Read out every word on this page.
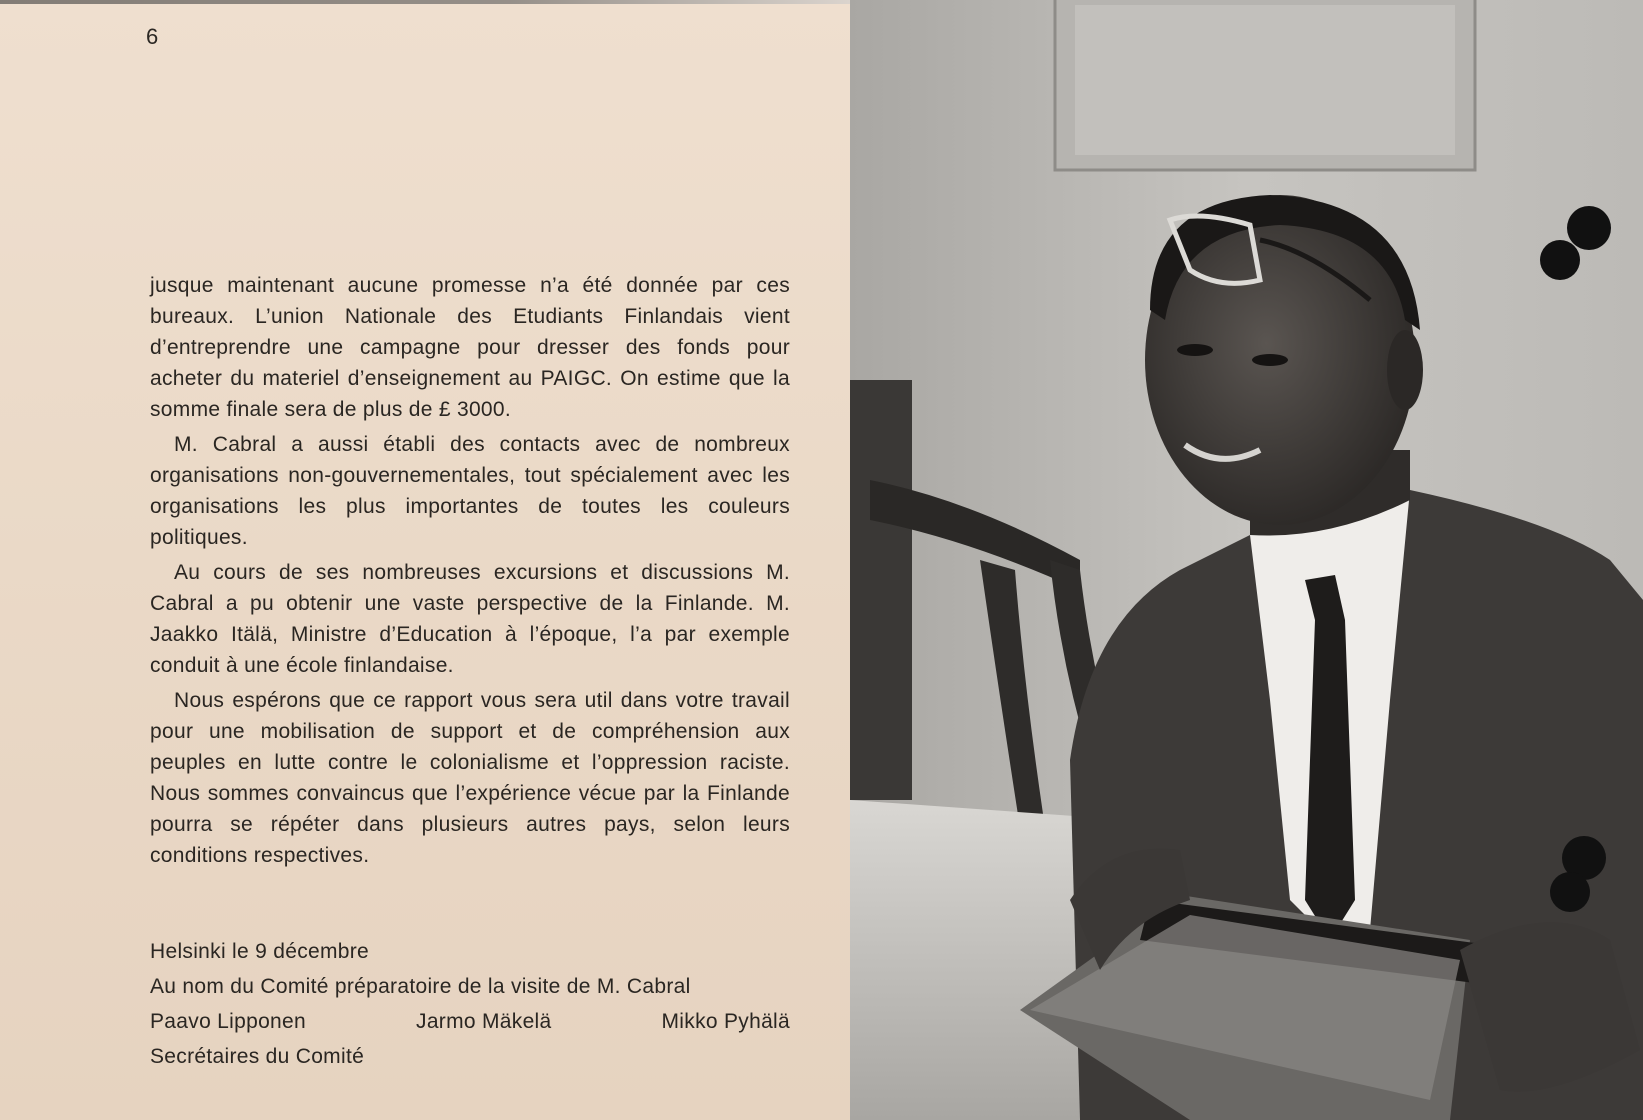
6

jusque maintenant aucune promesse n’a été donnée par ces bureaux. L’union Nationale des Etudiants Finlandais vient d’entreprendre une campagne pour dresser des fonds pour acheter du materiel d’enseignement au PAIGC. On estime que la somme finale sera de plus de £ 3000.

M. Cabral a aussi établi des contacts avec de nombreux organisations non-gouvernementales, tout spécialement avec les organisations les plus importantes de toutes les couleurs politiques.

Au cours de ses nombreuses excursions et discussions M. Cabral a pu obtenir une vaste perspective de la Finlande. M. Jaakko Itälä, Ministre d’Education à l’époque, l’a par exemple conduit à une école finlandaise.

Nous espérons que ce rapport vous sera util dans votre travail pour une mobilisation de support et de compréhension aux peuples en lutte contre le colonialisme et l’oppression raciste. Nous sommes convaincus que l’expérience vécue par la Finlande pourra se répéter dans plusieurs autres pays, selon leurs conditions respectives.

Helsinki le 9 décembre
Au nom du Comité préparatoire de la visite de M. Cabral
Paavo Lipponen	Jarmo Mäkelä	Mikko Pyhälä
Secrétaires du Comité
